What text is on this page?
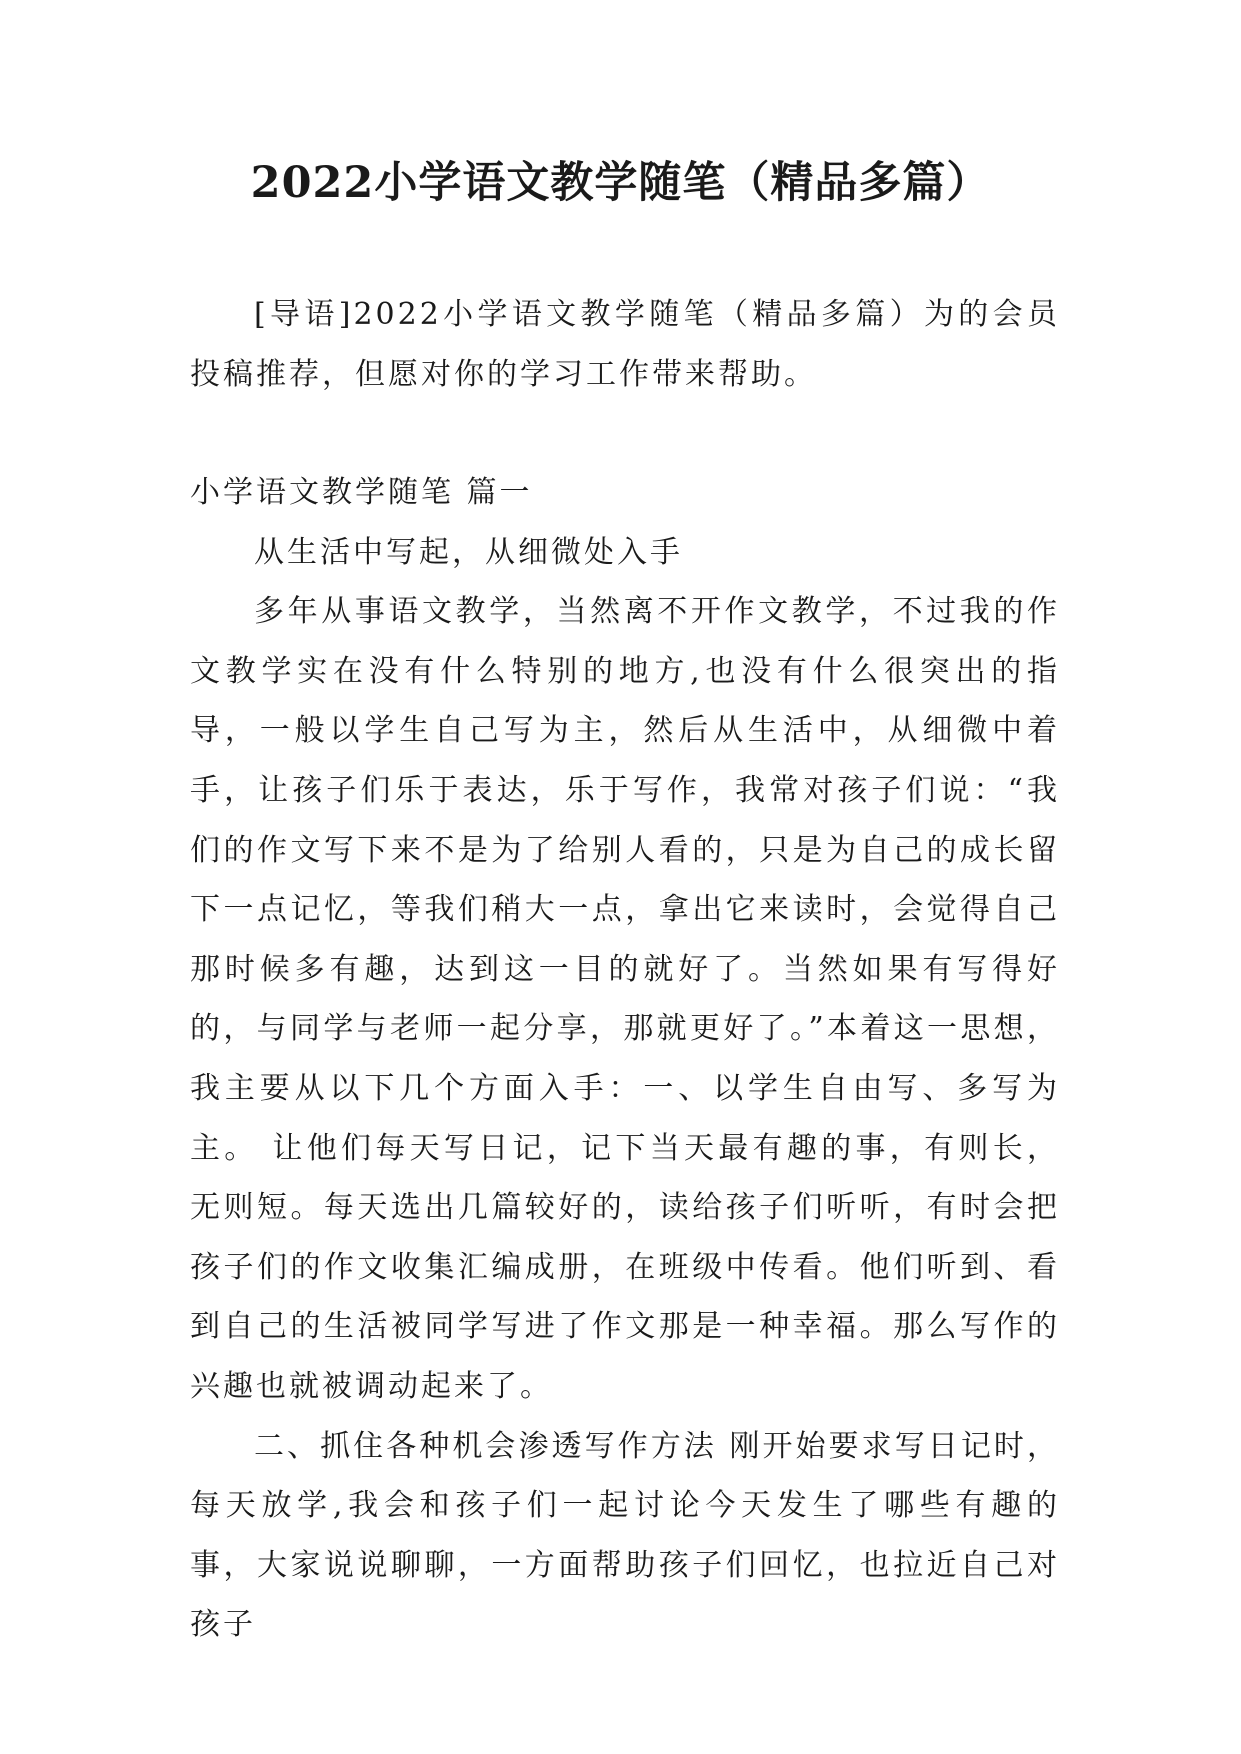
2022小学语文教学随笔（精品多篇）

[导语]2022小学语文教学随笔（精品多篇）为的会员投稿推荐，但愿对你的学习工作带来帮助。

小学语文教学随笔 篇一

从生活中写起，从细微处入手

多年从事语文教学，当然离不开作文教学，不过我的作文教学实在没有什么特别的地方,也没有什么很突出的指导，一般以学生自己写为主，然后从生活中，从细微中着手，让孩子们乐于表达，乐于写作，我常对孩子们说：“我们的作文写下来不是为了给别人看的，只是为自己的成长留下一点记忆，等我们稍大一点，拿出它来读时，会觉得自己那时候多有趣，达到这一目的就好了。当然如果有写得好的，与同学与老师一起分享，那就更好了。”本着这一思想，我主要从以下几个方面入手：一、以学生自由写、多写为主。 让他们每天写日记，记下当天最有趣的事，有则长，无则短。每天选出几篇较好的，读给孩子们听听，有时会把孩子们的作文收集汇编成册，在班级中传看。他们听到、看到自己的生活被同学写进了作文那是一种幸福。那么写作的兴趣也就被调动起来了。

二、抓住各种机会渗透写作方法 刚开始要求写日记时，每天放学,我会和孩子们一起讨论今天发生了哪些有趣的事，大家说说聊聊，一方面帮助孩子们回忆，也拉近自己对孩子
